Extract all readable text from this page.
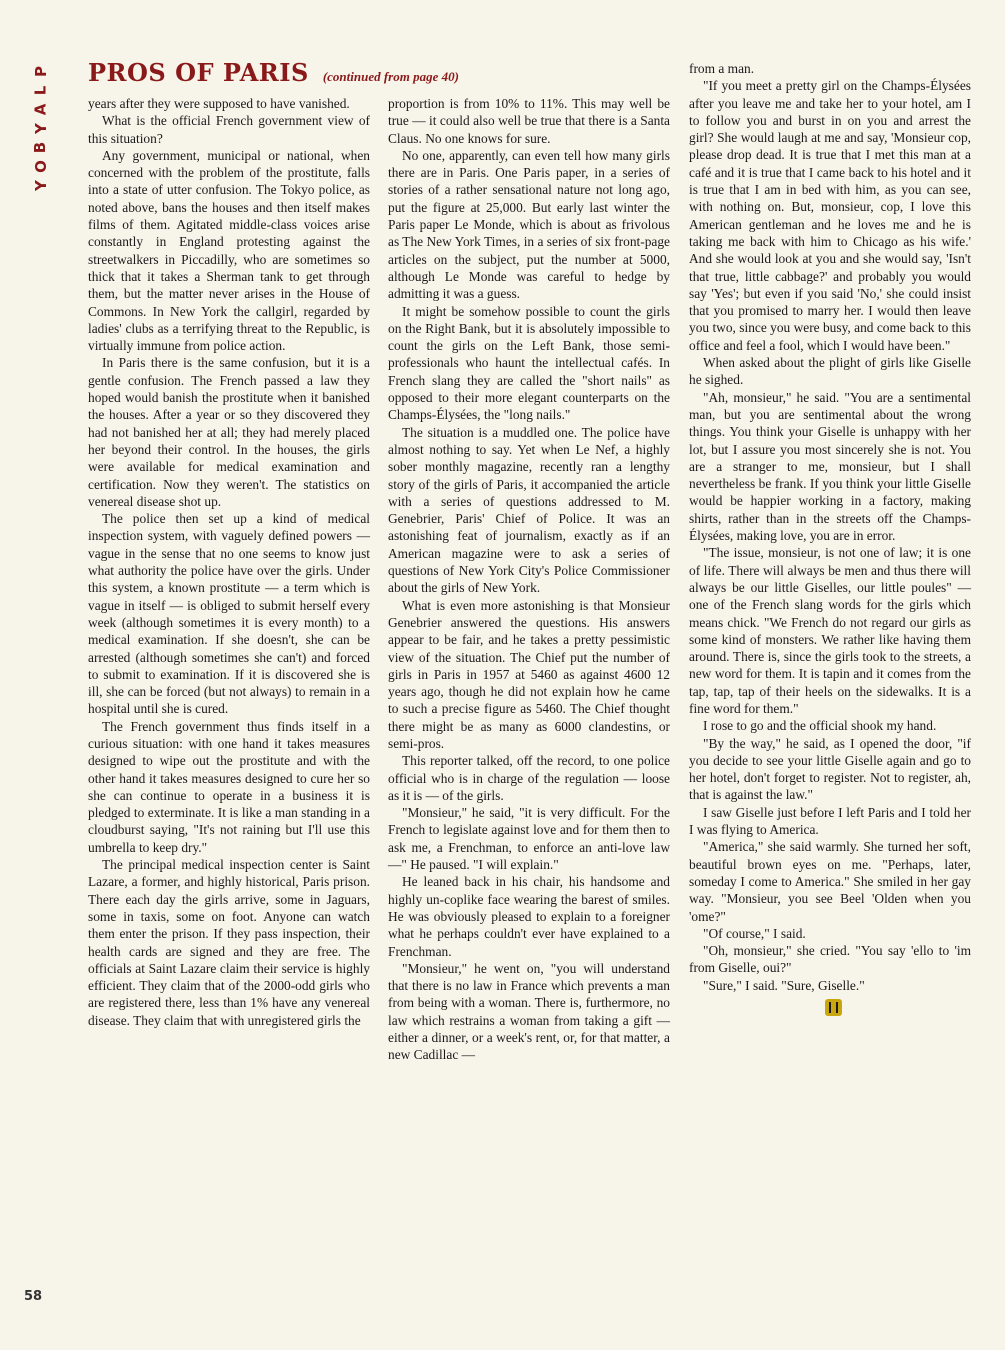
P
L
A
Y
B
O
Y
PROS OF PARIS (continued from page 40)

years after they were supposed to have vanished.

What is the official French government view of this situation?

Any government, municipal or national, when concerned with the problem of the prostitute, falls into a state of utter confusion. The Tokyo police, as noted above, bans the houses and then itself makes films of them. Agitated middle-class voices arise constantly in England protesting against the streetwalkers in Piccadilly, who are sometimes so thick that it takes a Sherman tank to get through them, but the matter never arises in the House of Commons. In New York the callgirl, regarded by ladies' clubs as a terrifying threat to the Republic, is virtually immune from police action.

In Paris there is the same confusion, but it is a gentle confusion. The French passed a law they hoped would banish the prostitute when it banished the houses. After a year or so they discovered they had not banished her at all; they had merely placed her beyond their control. In the houses, the girls were available for medical examination and certification. Now they weren't. The statistics on venereal disease shot up.

The police then set up a kind of medical inspection system, with vaguely defined powers — vague in the sense that no one seems to know just what authority the police have over the girls. Under this system, a known prostitute — a term which is vague in itself — is obliged to submit herself every week (although sometimes it is every month) to a medical examination. If she doesn't, she can be arrested (although sometimes she can't) and forced to submit to examination. If it is discovered she is ill, she can be forced (but not always) to remain in a hospital until she is cured.

The French government thus finds itself in a curious situation: with one hand it takes measures designed to wipe out the prostitute and with the other hand it takes measures designed to cure her so she can continue to operate in a business it is pledged to exterminate. It is like a man standing in a cloudburst saying, "It's not raining but I'll use this umbrella to keep dry."

The principal medical inspection center is Saint Lazare, a former, and highly historical, Paris prison. There each day the girls arrive, some in Jaguars, some in taxis, some on foot. Anyone can watch them enter the prison. If they pass inspection, their health cards are signed and they are free. The officials at Saint Lazare claim their service is highly efficient. They claim that of the 2000-odd girls who are registered there, less than 1% have any venereal disease. They claim that with unregistered girls the

proportion is from 10% to 11%. This may well be true — it could also well be true that there is a Santa Claus. No one knows for sure.

No one, apparently, can even tell how many girls there are in Paris. One Paris paper, in a series of stories of a rather sensational nature not long ago, put the figure at 25,000. But early last winter the Paris paper Le Monde, which is about as frivolous as The New York Times, in a series of six front-page articles on the subject, put the number at 5000, although Le Monde was careful to hedge by admitting it was a guess.

It might be somehow possible to count the girls on the Right Bank, but it is absolutely impossible to count the girls on the Left Bank, those semi-professionals who haunt the intellectual cafés. In French slang they are called the "short nails" as opposed to their more elegant counterparts on the Champs-Élysées, the "long nails."

The situation is a muddled one. The police have almost nothing to say. Yet when Le Nef, a highly sober monthly magazine, recently ran a lengthy story of the girls of Paris, it accompanied the article with a series of questions addressed to M. Genebrier, Paris' Chief of Police. It was an astonishing feat of journalism, exactly as if an American magazine were to ask a series of questions of New York City's Police Commissioner about the girls of New York.

What is even more astonishing is that Monsieur Genebrier answered the questions. His answers appear to be fair, and he takes a pretty pessimistic view of the situation. The Chief put the number of girls in Paris in 1957 at 5460 as against 4600 12 years ago, though he did not explain how he came to such a precise figure as 5460. The Chief thought there might be as many as 6000 clandestins, or semi-pros.

This reporter talked, off the record, to one police official who is in charge of the regulation — loose as it is — of the girls.

"Monsieur," he said, "it is very difficult. For the French to legislate against love and for them then to ask me, a Frenchman, to enforce an anti-love law —" He paused. "I will explain."

He leaned back in his chair, his handsome and highly un-coplike face wearing the barest of smiles. He was obviously pleased to explain to a foreigner what he perhaps couldn't ever have explained to a Frenchman.

"Monsieur," he went on, "you will understand that there is no law in France which prevents a man from being with a woman. There is, furthermore, no law which restrains a woman from taking a gift — either a dinner, or a week's rent, or, for that matter, a new Cadillac —

from a man.

"If you meet a pretty girl on the Champs-Élysées after you leave me and take her to your hotel, am I to follow you and burst in on you and arrest the girl? She would laugh at me and say, 'Monsieur cop, please drop dead. It is true that I met this man at a café and it is true that I came back to his hotel and it is true that I am in bed with him, as you can see, with nothing on. But, monsieur, cop, I love this American gentleman and he loves me and he is taking me back with him to Chicago as his wife.' And she would look at you and she would say, 'Isn't that true, little cabbage?' and probably you would say 'Yes'; but even if you said 'No,' she could insist that you promised to marry her. I would then leave you two, since you were busy, and come back to this office and feel a fool, which I would have been."

When asked about the plight of girls like Giselle he sighed.

"Ah, monsieur," he said. "You are a sentimental man, but you are sentimental about the wrong things. You think your Giselle is unhappy with her lot, but I assure you most sincerely she is not. You are a stranger to me, monsieur, but I shall nevertheless be frank. If you think your little Giselle would be happier working in a factory, making shirts, rather than in the streets off the Champs-Élysées, making love, you are in error.

"The issue, monsieur, is not one of law; it is one of life. There will always be men and thus there will always be our little Giselles, our little poules" — one of the French slang words for the girls which means chick. "We French do not regard our girls as some kind of monsters. We rather like having them around. There is, since the girls took to the streets, a new word for them. It is tapin and it comes from the tap, tap, tap of their heels on the sidewalks. It is a fine word for them."

I rose to go and the official shook my hand.

"By the way," he said, as I opened the door, "if you decide to see your little Giselle again and go to her hotel, don't forget to register. Not to register, ah, that is against the law."

I saw Giselle just before I left Paris and I told her I was flying to America.

"America," she said warmly. She turned her soft, beautiful brown eyes on me. "Perhaps, later, someday I come to America." She smiled in her gay way. "Monsieur, you see Beel 'Olden when you 'ome?"

"Of course," I said.

"Oh, monsieur," she cried. "You say 'ello to 'im from Giselle, oui?"

"Sure," I said. "Sure, Giselle."

58
